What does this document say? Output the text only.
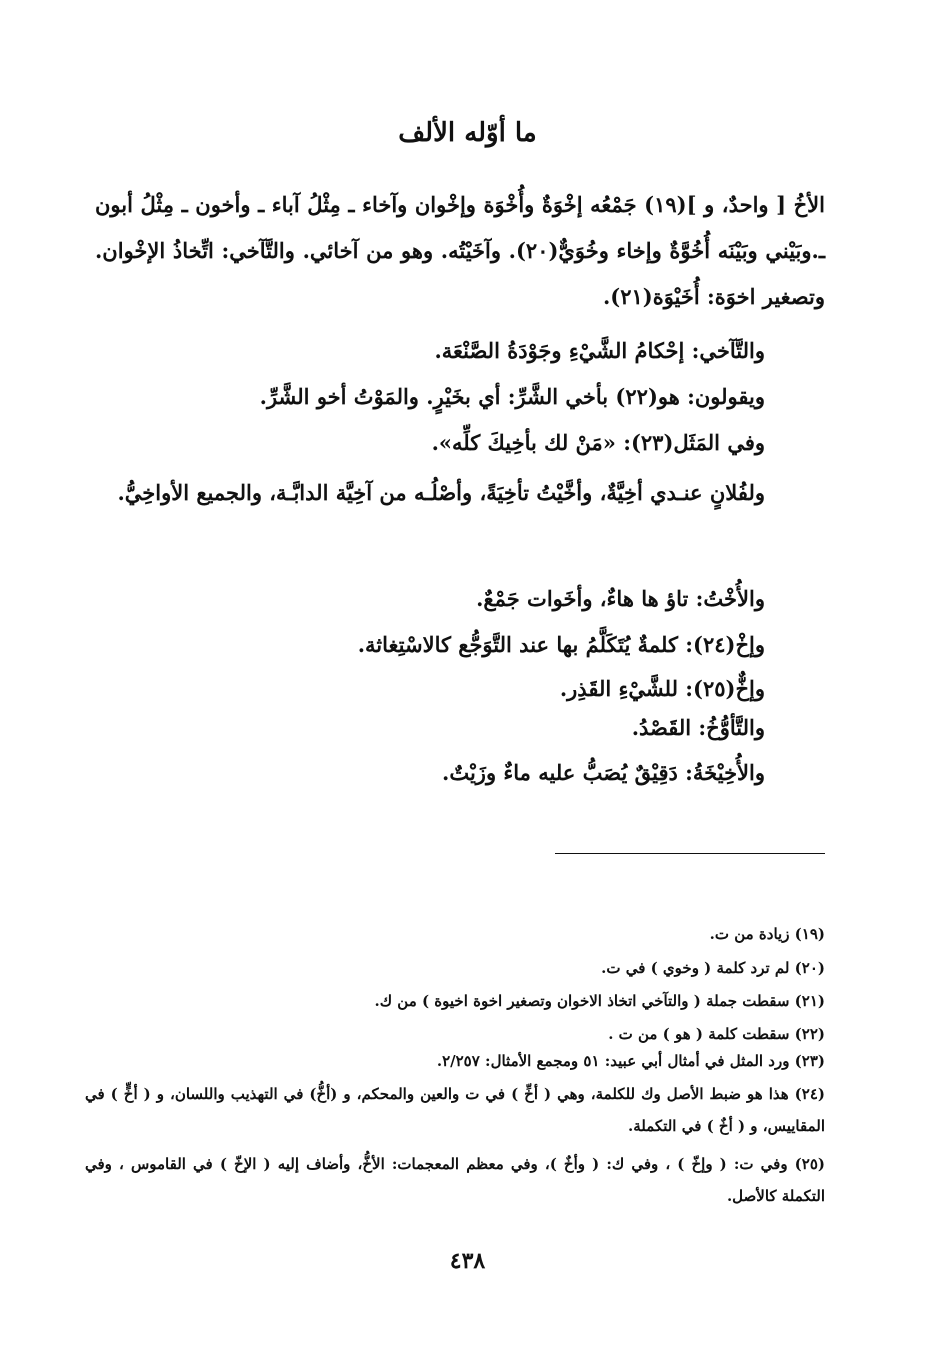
ما أوّله الألف
الأخُ [ واحدٌ، و ](١٩) جَمْعُه إخْوَةٌ وأُخْوَة وإخْوان وآخاء ـ مِثْلُ آباء ـ وأخون ـ مِثْلُ أبون ـ.وبَيْني وبَيْنَه أُخُوَّةٌ وإخاء وخُوَيٌّ(٢٠). وآخَيْتُه. وهو من آخائي. والتَّآخي: اتِّخاذُ الإخْوان. وتصغير اخوَة: أُخَيْوَة(٢١).
والتَّآخي: إحْكامُ الشَّيْءِ وجَوْدَةُ الصَّنْعَة.
ويقولون: هو(٢٢) بأخي الشَّرِّ: أي بخَيْرٍ. والمَوْتُ أخو الشَّرِّ.
وفي المَثَل(٢٣): «مَنْ لك بأخِيكَ كلِّه».
ولفُلانٍ عنـدي أخِيَّةٌ، وأخَّيْتُ تأخِيَةً، وأصْلُـه من آخِيَّة الدابَّـة، والجميع الأواخِيُّ.
والأُخْتُ: تاؤ ها هاءٌ، وأخَوات جَمْعٌ.
وإخْ(٢٤): كلمةٌ يُتَكَلَّمُ بها عند التَّوَجُّع كالاسْتِغاثة.
وإخٌّ(٢٥): للشَّيْءِ القَذِر.
والتَّأوُّخُ: القَصْدُ.
والأُخِيْخَةُ: دَقِيْقٌ يُصَبُّ عليه ماءٌ وزَيْتٌ.
(١٩) زيادة من ت.
(٢٠) لم ترد كلمة ( وخوي ) في ت.
(٢١) سقطت جملة ( والتآخي اتخاذ الاخوان وتصغير اخوة اخيوة ) من ك.
(٢٢) سقطت كلمة ( هو ) من ت .
(٢٣) ورد المثل في أمثال أبي عبيد: ٥١ ومجمع الأمثال: ٢/٢٥٧.
(٢٤) هذا هو ضبط الأصل وك للكلمة، وهي ( أخِّ ) في ت والعين والمحكم، و (أخُّ) في التهذيب واللسان، و ( أخٍّ ) في المقاييس، و ( أخٌ ) في التكملة.
(٢٥) وفي ت: ( وإخّ ) ، وفي ك: ( وأخٌ )، وفي معظم المعجمات: الأخُّ، وأضاف إليه ( الإخّ ) في القاموس ، وفي التكملة كالأصل.
٤٣٨
